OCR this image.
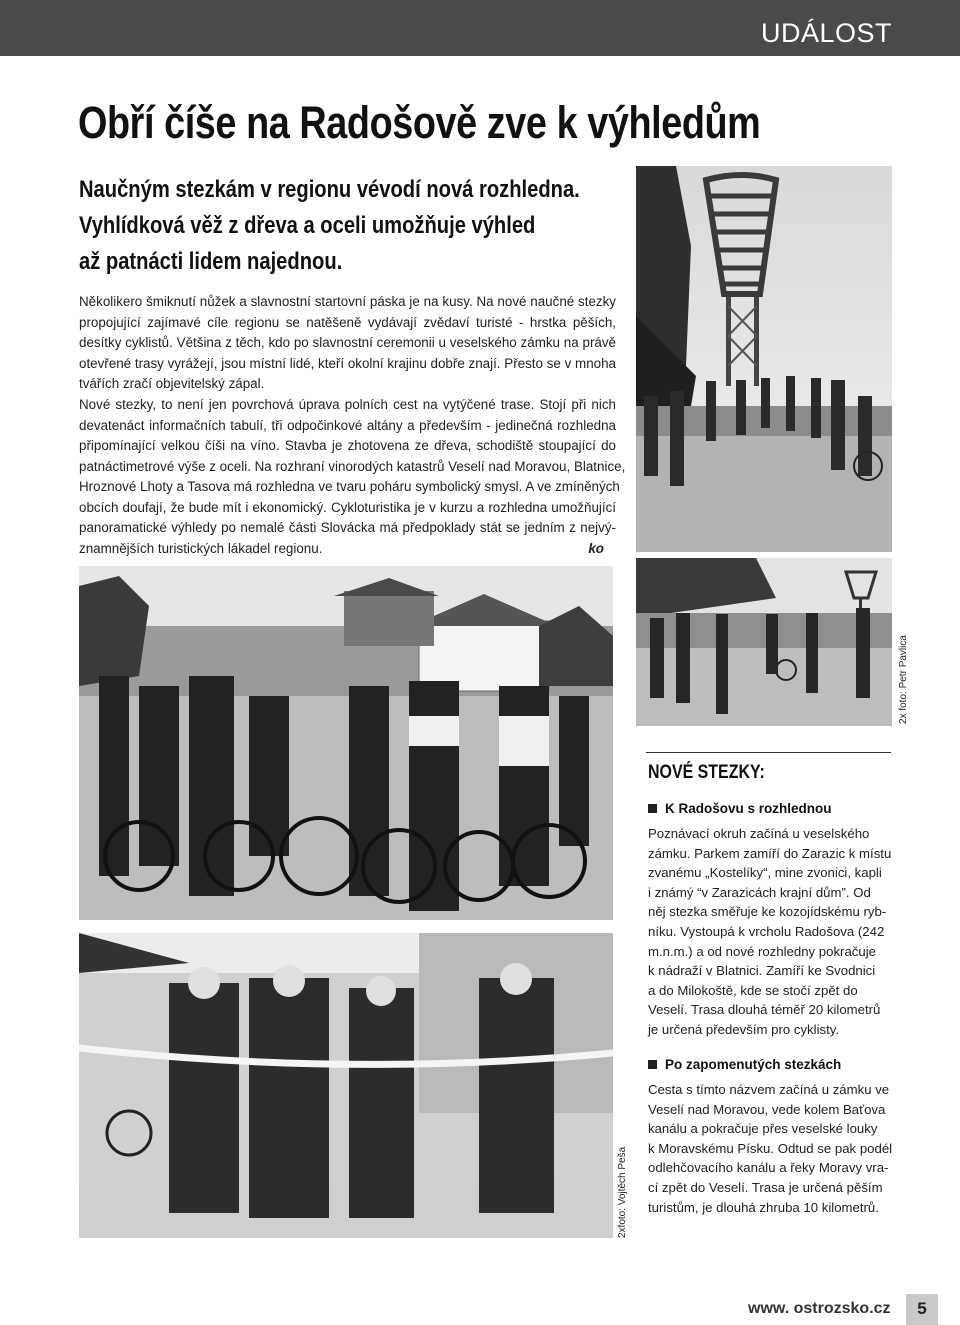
UDÁLOST
Obří číše na Radošově zve k výhledům
Naučným stezkám v regionu vévodí nová rozhledna.
Vyhlídková věž z dřeva a oceli umožňuje výhled
až patnácti lidem najednou.
Několikero šmiknutí nůžek a slavnostní startovní páska je na kusy. Na nové naučné stezky
propojující zajímavé cíle regionu se natěšeně vydávají zvědaví turisté - hrstka pěších,
desítky cyklistů. Většina z těch, kdo po slavnostní ceremonii u veselského zámku na právě
otevřené trasy vyrážejí, jsou místní lidé, kteří okolní krajinu dobře znají. Přesto se v mnoha
tvářích zračí objevitelský zápal.
Nové stezky, to není jen povrchová úprava polních cest na vytýčené trase. Stojí při nich
devatenáct informačních tabulí, tři odpočinkové altány a především - jedinečná rozhledna
připomínající velkou číši na víno. Stavba je zhotovena ze dřeva, schodiště stoupající do
patnáctimetrové výše z oceli. Na rozhraní vinorodých katastrů Veselí nad Moravou, Blatnice,
Hroznové Lhoty a Tasova má rozhledna ve tvaru poháru symbolický smysl. A ve zmíněných
obcích doufají, že bude mít i ekonomický. Cykloturistika je v kurzu a rozhledna umožňující
panoramatické výhledy po nemalé části Slovácka má předpoklady stát se jedním z nejvý-
znamnějších turistických lákadel regionu.	ko
2x foto: Petr Pavlica
2xfoto: Vojtěch Peša
NOVÉ STEZKY:
K Radošovu s rozhlednou
Poznávací okruh začíná u veselského
zámku. Parkem zamíří do Zarazic k místu
zvanému „Kostelíky“, mine zvonici, kapli
i známý “v Zarazicách krajní dům”. Od
něj stezka směřuje ke kozojídskému ryb-
níku. Vystoupá k vrcholu Radošova (242
m.n.m.) a od nové rozhledny pokračuje
k nádraží v Blatnici. Zamíří ke Svodnici
a do Milokoště, kde se stočí zpět do
Veselí. Trasa dlouhá téměř 20 kilometrů
je určená především pro cyklisty.
Po zapomenutých stezkách
Cesta s tímto názvem začíná u zámku ve
Veselí nad Moravou, vede kolem Baťova
kanálu a pokračuje přes veselské louky
k Moravskému Písku. Odtud se pak podél
odlehčovacího kanálu a řeky Moravy vra-
cí zpět do Veselí. Trasa je určená pěším
turistům, je dlouhá zhruba 10 kilometrů.
www. ostrozsko.cz	5
